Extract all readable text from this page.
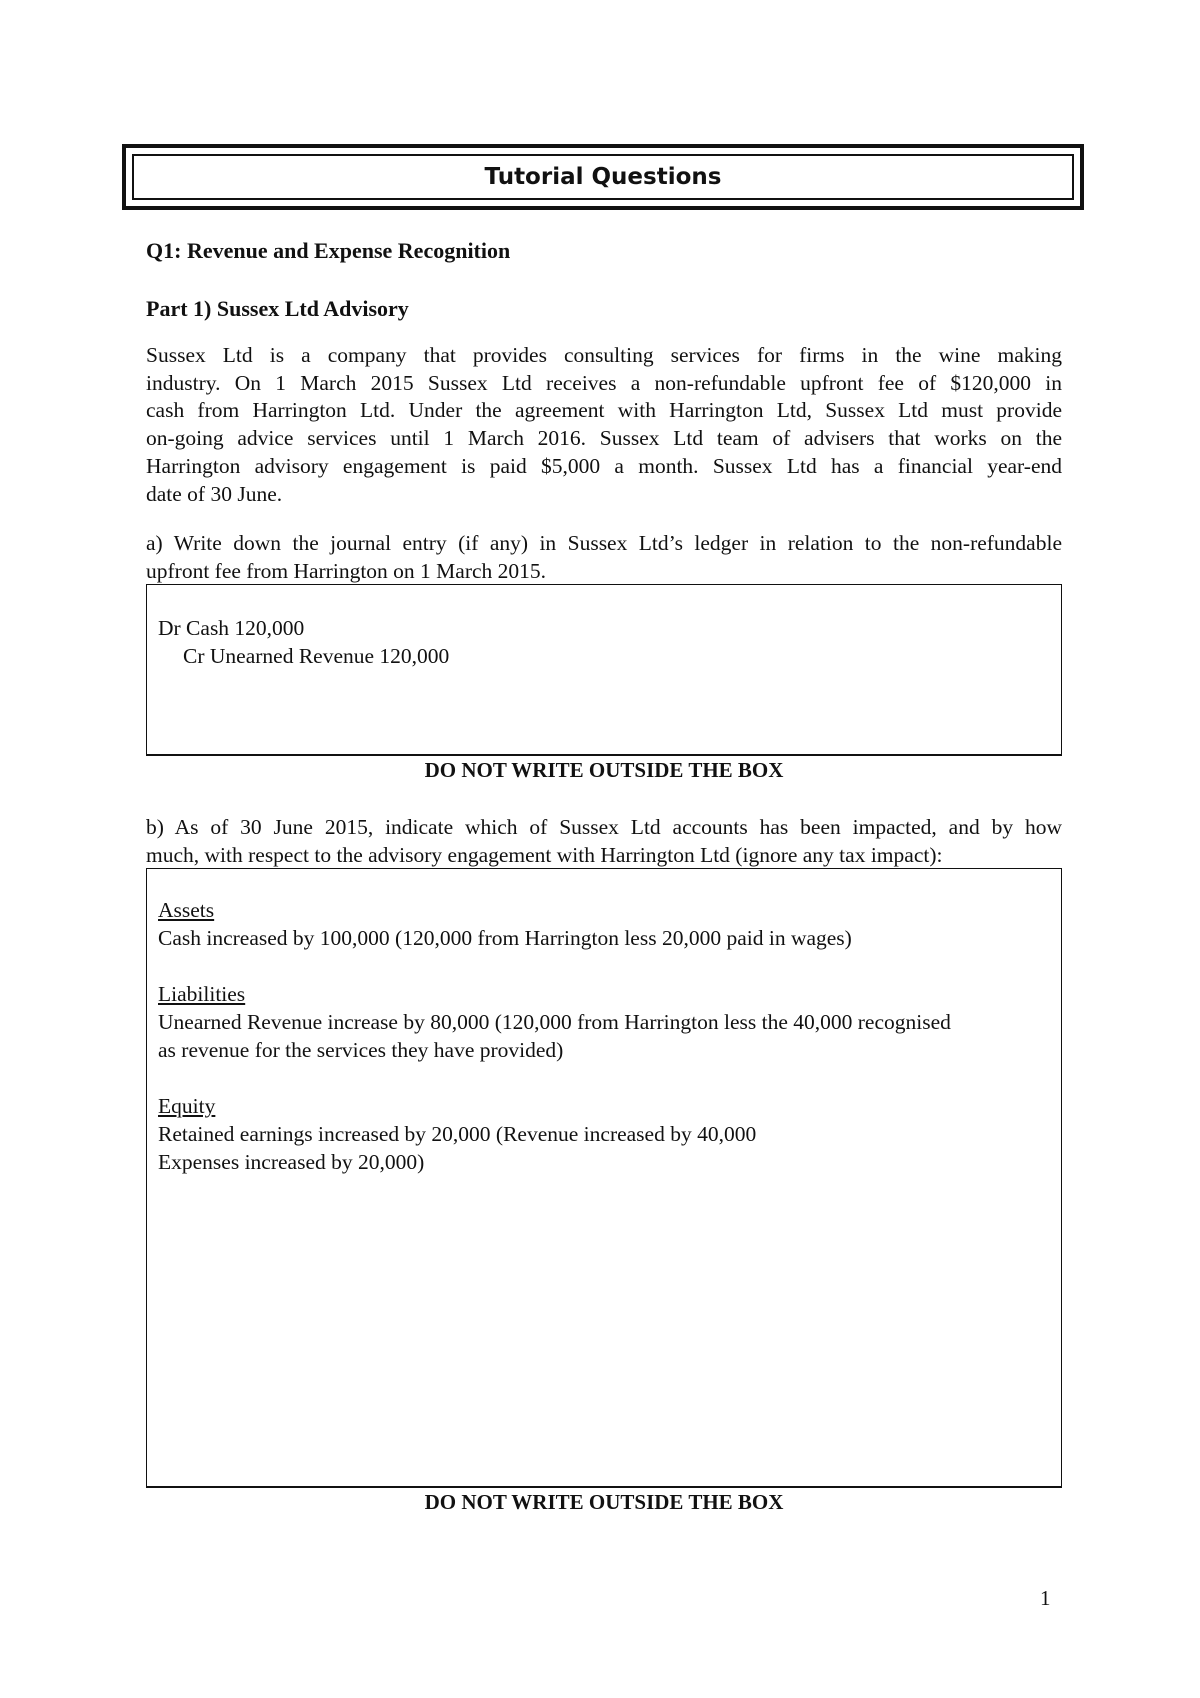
Tutorial Questions
Q1: Revenue and Expense Recognition
Part 1) Sussex Ltd Advisory
Sussex Ltd is a company that provides consulting services for firms in the wine making
industry. On 1 March 2015 Sussex Ltd receives a non-refundable upfront fee of $120,000 in
cash from Harrington Ltd. Under the agreement with Harrington Ltd, Sussex Ltd must provide
on-going advice services until 1 March 2016. Sussex Ltd team of advisers that works on the
Harrington advisory engagement is paid $5,000 a month. Sussex Ltd has a financial year-end
date of 30 June.
a) Write down the journal entry (if any) in Sussex Ltd’s ledger in relation to the non-refundable
upfront fee from Harrington on 1 March 2015.
Dr Cash 120,000
Cr Unearned Revenue 120,000
DO NOT WRITE OUTSIDE THE BOX
b) As of 30 June 2015, indicate which of Sussex Ltd accounts has been impacted, and by how
much, with respect to the advisory engagement with Harrington Ltd (ignore any tax impact):
Assets
Cash increased by 100,000 (120,000 from Harrington less 20,000 paid in wages)
Liabilities
Unearned Revenue increase by 80,000 (120,000 from Harrington less the 40,000 recognised
as revenue for the services they have provided)
Equity
Retained earnings increased by 20,000 (Revenue increased by 40,000
Expenses increased by 20,000)
DO NOT WRITE OUTSIDE THE BOX
1
